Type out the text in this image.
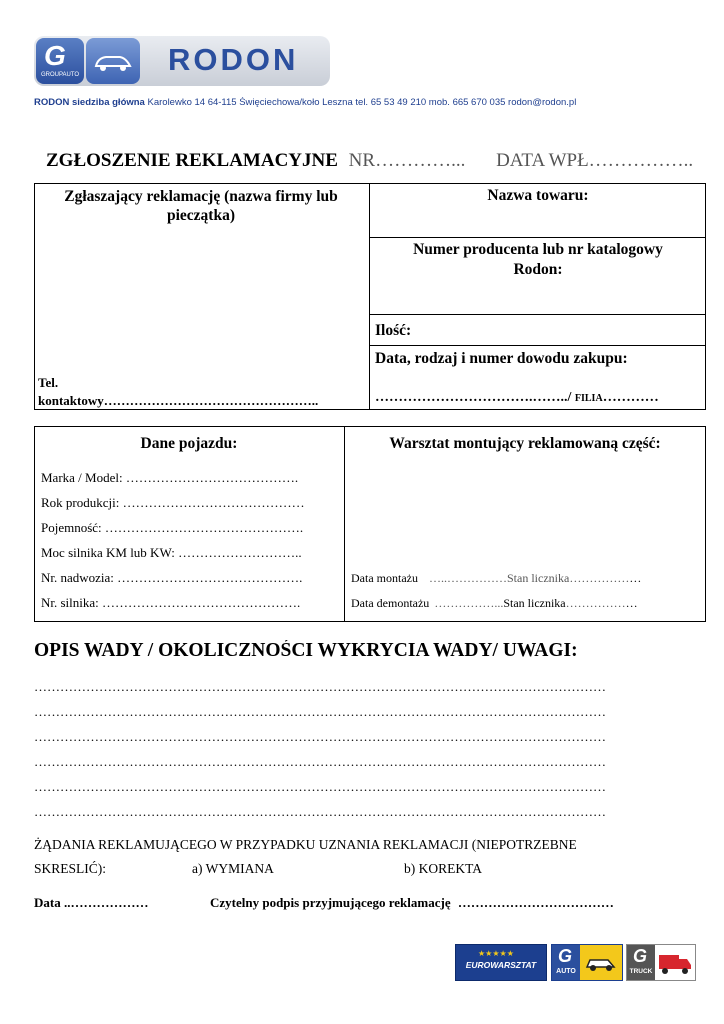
G
GROUPAUTO	RODON
RODON siedziba główna Karolewko 14 64-115 Święciechowa/koło Leszna tel. 65 53 49 210 mob. 665 670 035 rodon@rodon.pl
ZGŁOSZENIE REKLAMACYJNE NR…………... DATA WPŁ……………..
Zgłaszający reklamację (nazwa firmy lub pieczątka)
Tel.
kontaktowy…………………………………………..
Nazwa towaru:
Numer producenta lub nr katalogowy Rodon:
Ilość:
Data, rodzaj i numer dowodu zakupu:
…………………………….……../ FILIA…………
Dane pojazdu:
Marka / Model: ………………………………….
Rok produkcji: ……………………………………
Pojemność: ……………………………………….
Moc silnika KM lub KW: ………………………..
Nr. nadwozia: …………………………………….
Nr. silnika: ……………………………………….
Warsztat montujący reklamowaną część:
Data montażu …..……………Stan licznika………………
Data demontażu ……………...Stan licznika………………
OPIS WADY / OKOLICZNOŚCI WYKRYCIA WADY/ UWAGI:
……………………………………………………………………………………………………………………
……………………………………………………………………………………………………………………
……………………………………………………………………………………………………………………
……………………………………………………………………………………………………………………
……………………………………………………………………………………………………………………
……………………………………………………………………………………………………………………
ŻĄDANIA REKLAMUJĄCEGO W PRZYPADKU UZNANIA REKLAMACJI (NIEPOTRZEBNE
SKRESLIĆ):	a) WYMIANA	b) KOREKTA
Data ..………………	Czytelny podpis przyjmującego reklamację ………………………………
★★★★★
EUROWARSZTAT	G
AUTO
G
TRUCK
